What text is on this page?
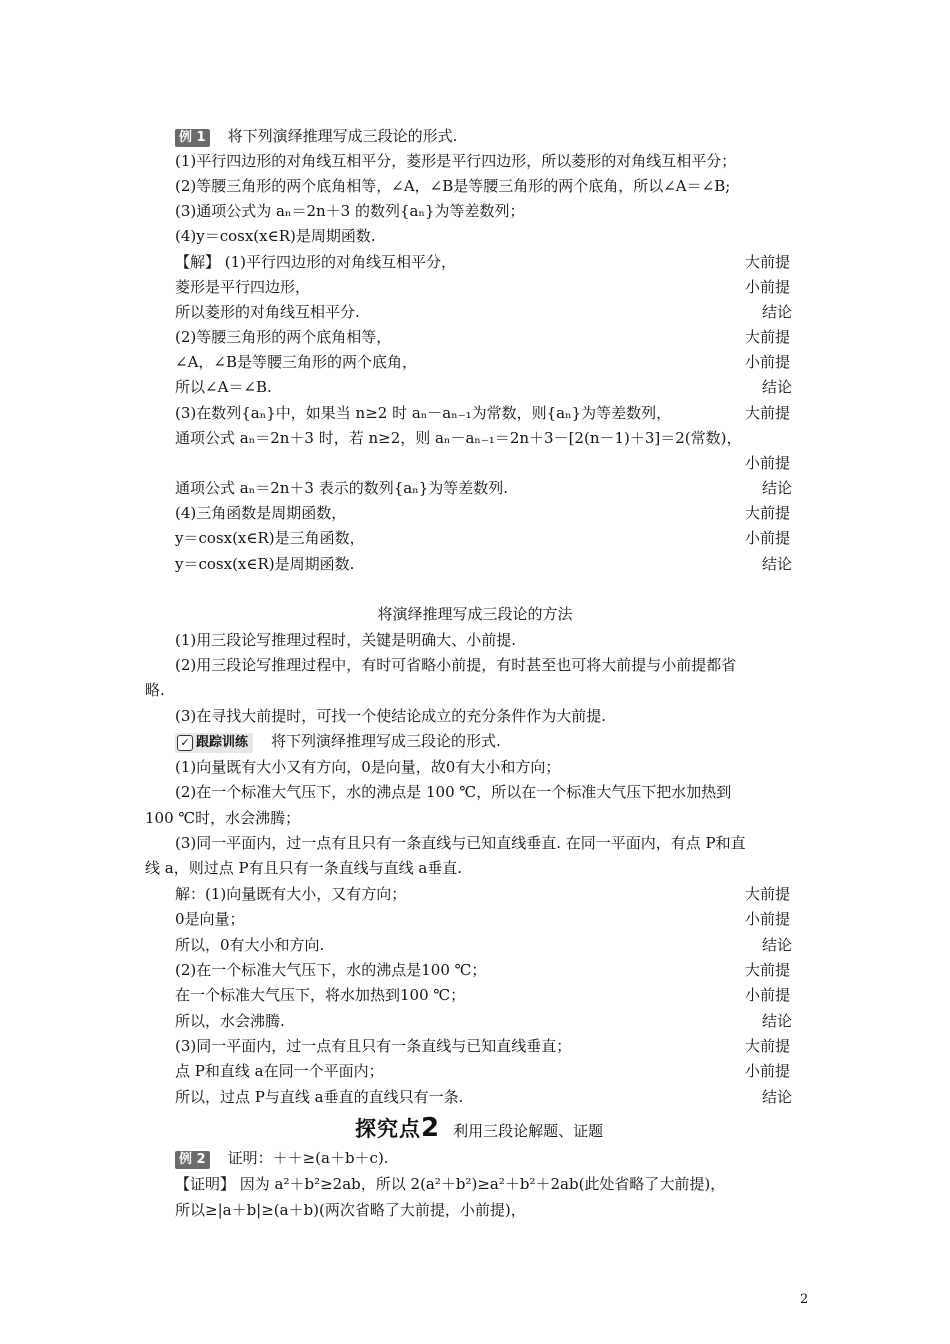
例 1 将下列演绎推理写成三段论的形式.
(1)平行四边形的对角线互相平分，菱形是平行四边形，所以菱形的对角线互相平分；
(2)等腰三角形的两个底角相等，∠A，∠B是等腰三角形的两个底角，所以∠A＝∠B;
(3)通项公式为 aₙ＝2n＋3 的数列{aₙ}为等差数列；
(4)y＝cosx(x∈R)是周期函数.
【解】 (1)平行四边形的对角线互相平分，	大前提
菱形是平行四边形，	小前提
所以菱形的对角线互相平分.	结论
(2)等腰三角形的两个底角相等，	大前提
∠A，∠B是等腰三角形的两个底角，	小前提
所以∠A＝∠B.	结论
(3)在数列{aₙ}中，如果当 n≥2 时 aₙ－aₙ₋₁为常数，则{aₙ}为等差数列，	大前提
通项公式 aₙ＝2n＋3 时，若 n≥2，则 aₙ－aₙ₋₁＝2n＋3－[2(n－1)＋3]＝2(常数)，
小前提
通项公式 aₙ＝2n＋3 表示的数列{aₙ}为等差数列.	结论
(4)三角函数是周期函数，	大前提
y＝cosx(x∈R)是三角函数，	小前提
y＝cosx(x∈R)是周期函数.	结论
将演绎推理写成三段论的方法
(1)用三段论写推理过程时，关键是明确大、小前提.
(2)用三段论写推理过程中，有时可省略小前提，有时甚至也可将大前提与小前提都省
略.
(3)在寻找大前提时，可找一个使结论成立的充分条件作为大前提.
✓ 跟踪训练 将下列演绎推理写成三段论的形式.
(1)向量既有大小又有方向，0是向量，故0有大小和方向；
(2)在一个标准大气压下，水的沸点是 100 ℃，所以在一个标准大气压下把水加热到
100 ℃时，水会沸腾；
(3)同一平面内，过一点有且只有一条直线与已知直线垂直. 在同一平面内，有点 P和直
线 a，则过点 P有且只有一条直线与直线 a垂直.
解：(1)向量既有大小，又有方向；	大前提
0是向量；	小前提
所以，0有大小和方向.	结论
(2)在一个标准大气压下，水的沸点是100 ℃；	大前提
在一个标准大气压下，将水加热到100 ℃；	小前提
所以，水会沸腾.	结论
(3)同一平面内，过一点有且只有一条直线与已知直线垂直；	大前提
点 P和直线 a在同一个平面内；	小前提
所以，过点 P与直线 a垂直的直线只有一条.	结论
探究点2 利用三段论解题、证题
例 2 证明：＋＋≥(a＋b＋c).
【证明】 因为 a²＋b²≥2ab，所以 2(a²＋b²)≥a²＋b²＋2ab(此处省略了大前提)，
所以≥|a＋b|≥(a＋b)(两次省略了大前提，小前提)，
2
